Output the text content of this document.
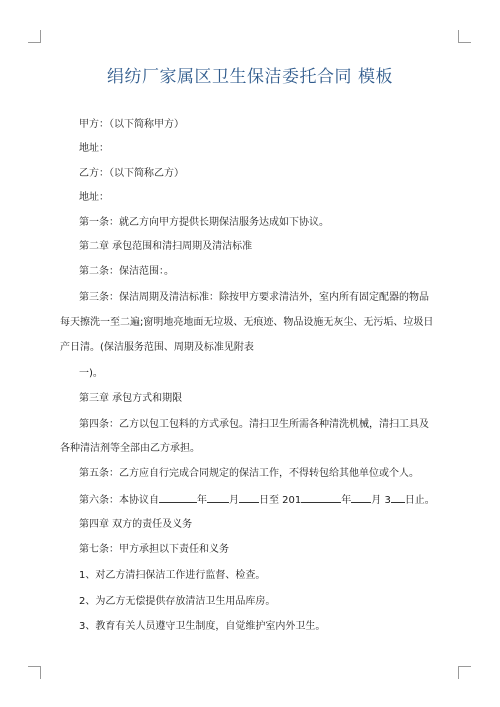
绢纺厂家属区卫生保洁委托合同 模板
甲方：（以下简称甲方）
地址：
乙方：（以下简称乙方）
地址：
第一条：就乙方向甲方提供长期保洁服务达成如下协议。
第二章 承包范围和清扫周期及清洁标准
第二条：保洁范围：。
第三条：保洁周期及清洁标准：除按甲方要求清洁外，室内所有固定配器的物品
每天擦洗一至二遍;窗明地亮地面无垃圾、无痕迹、物品设施无灰尘、无污垢、垃圾日
产日清。(保洁服务范围、周期及标准见附表
一)。
第三章 承包方式和期限
第四条：乙方以包工包料的方式承包。清扫卫生所需各种清洗机械，清扫工具及
各种清洁剂等全部由乙方承担。
第五条：乙方应自行完成合同规定的保洁工作，不得转包给其他单位或个人。
第六条：本协议自	年 月 日至 201	年 月 3 日止。
第四章 双方的责任及义务
第七条：甲方承担以下责任和义务
1、对乙方清扫保洁工作进行监督、检查。
2、为乙方无偿提供存放清洁卫生用品库房。
3、教育有关人员遵守卫生制度，自觉维护室内外卫生。
